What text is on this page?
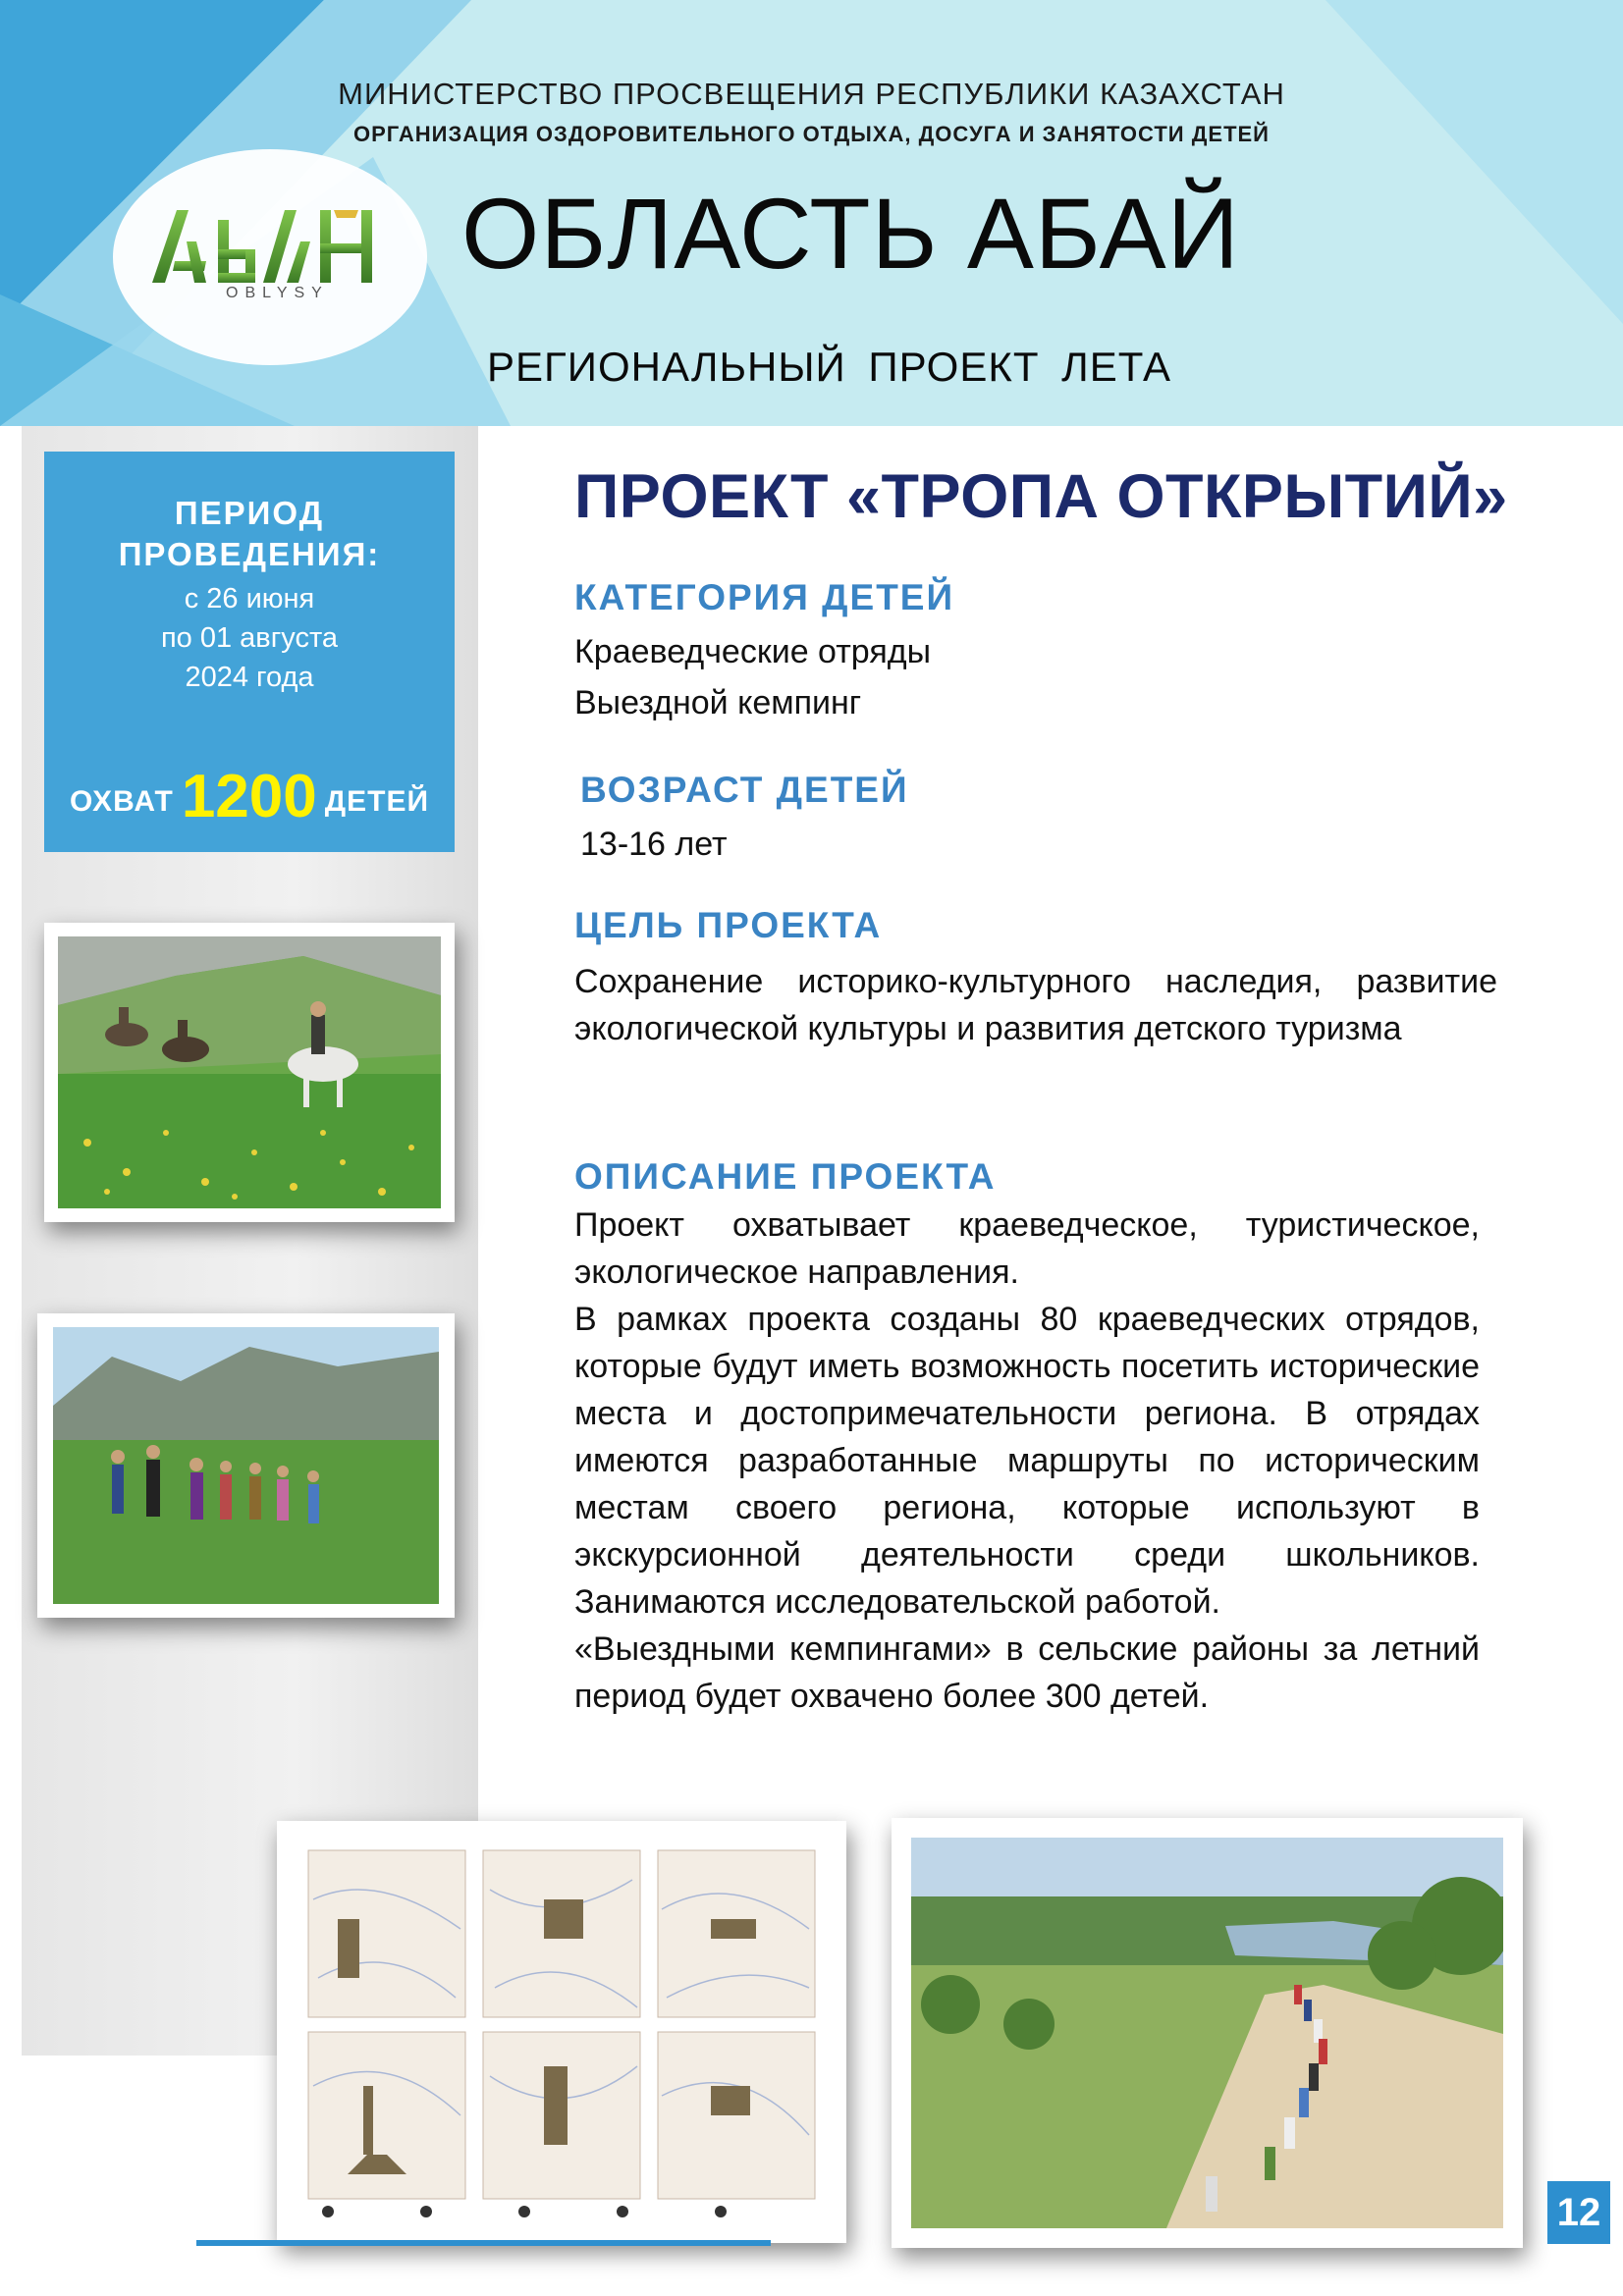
МИНИСТЕРСТВО ПРОСВЕЩЕНИЯ РЕСПУБЛИКИ КАЗАХСТАН
ОРГАНИЗАЦИЯ ОЗДОРОВИТЕЛЬНОГО ОТДЫХА, ДОСУГА И ЗАНЯТОСТИ ДЕТЕЙ
OBLYSY
ОБЛАСТЬ АБАЙ
РЕГИОНАЛЬНЫЙ ПРОЕКТ ЛЕТА
ПЕРИОД
ПРОВЕДЕНИЯ:
с 26 июня
по 01 августа
2024 года
ОХВАТ 1200 ДЕТЕЙ
ПРОЕКТ «ТРОПА ОТКРЫТИЙ»
КАТЕГОРИЯ ДЕТЕЙ
Краеведческие отряды
Выездной кемпинг
ВОЗРАСТ ДЕТЕЙ
13-16 лет
ЦЕЛЬ ПРОЕКТА
Сохранение историко-культурного наследия, развитие экологической культуры и развития детского туризма
ОПИСАНИЕ ПРОЕКТА

Проект охватывает краеведческое, туристическое, экологическое направления.

В рамках проекта созданы 80 краеведческих отрядов, которые будут иметь возможность посетить исторические места и достопримечательности региона. В отрядах имеются разработанные маршруты по историческим местам своего региона, которые используют в экскурсионной деятельности среди школьников. Занимаются исследовательской работой.

«Выездными кемпингами» в сельские районы за летний период будет охвачено более 300 детей.

12
